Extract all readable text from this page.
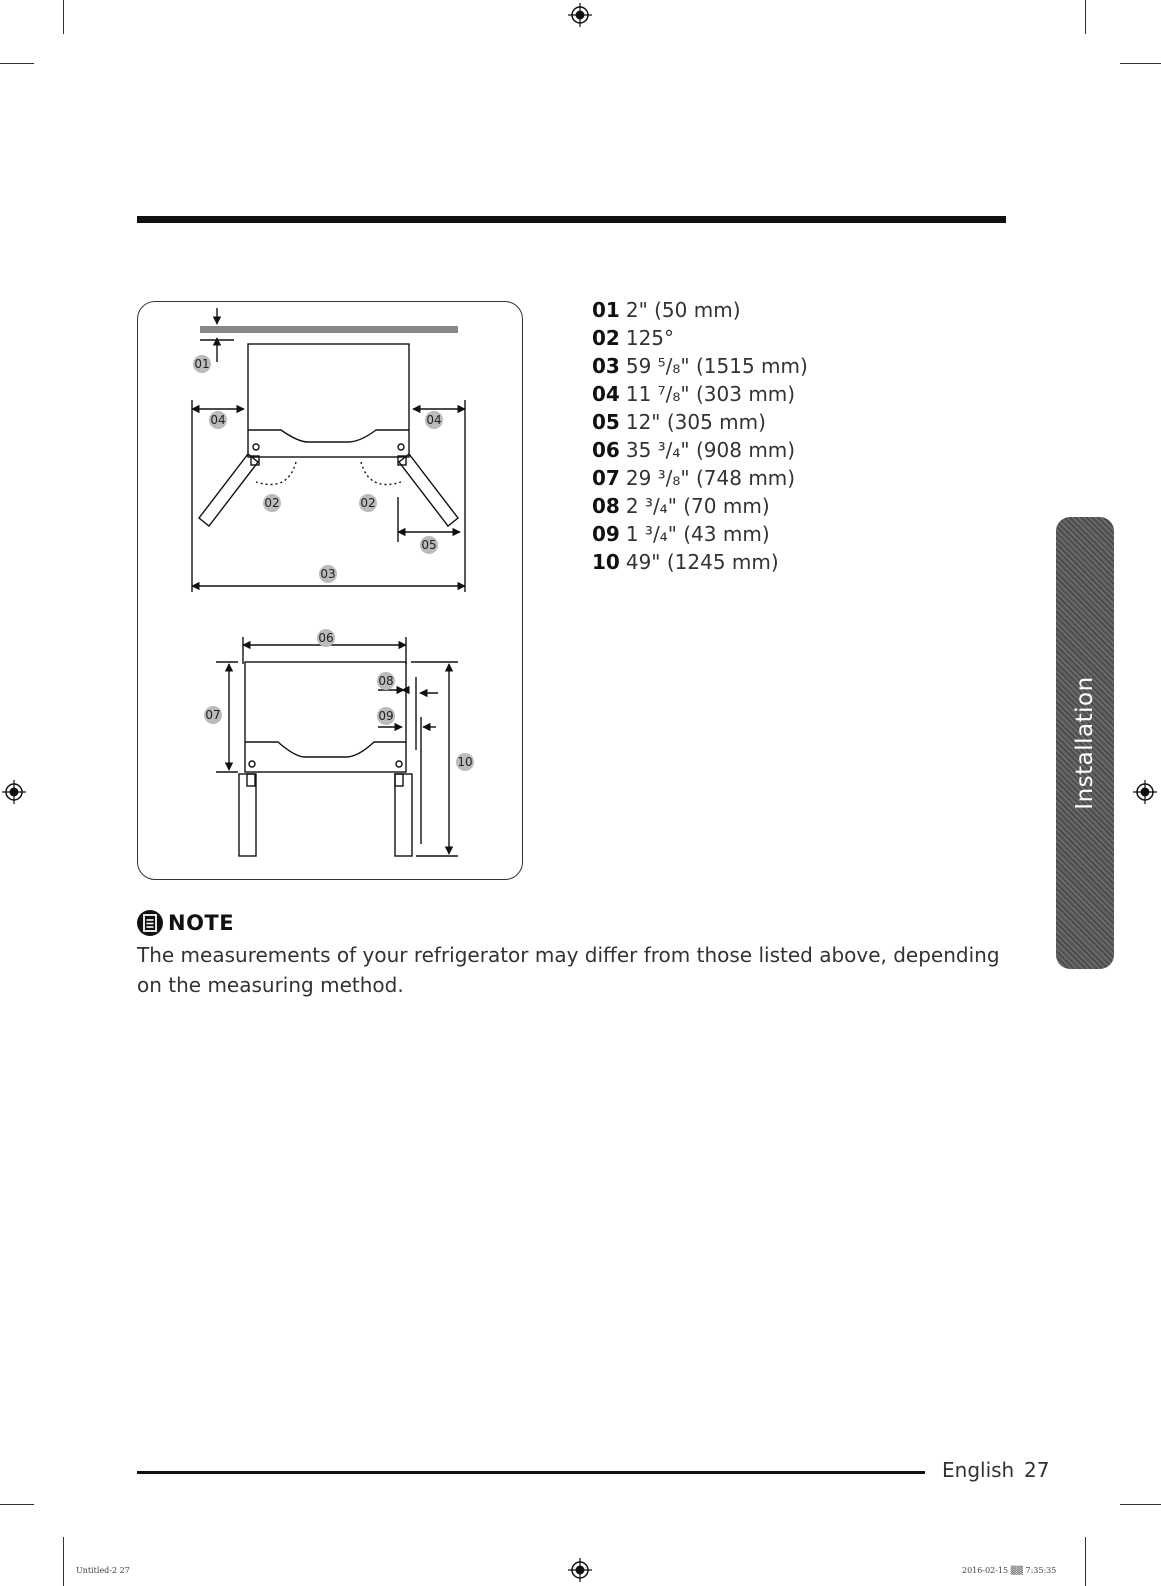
01
02	02
03
04	04
05
06
07
08
09
10
01 2" (50 mm)
02 125°
03 59 ⁵/₈" (1515 mm)
04 11 ⁷/₈" (303 mm)
05 12" (305 mm)
06 35 ³/₄" (908 mm)
07 29 ³/₈" (748 mm)
08 2 ³/₄" (70 mm)
09 1 ³/₄" (43 mm)
10 49" (1245 mm)
NOTE
The measurements of your refrigerator may differ from those listed above, depending on the measuring method.
Installation
English 27
Untitled-2 27	2016-02-15 ▒▒ 7:35:35
